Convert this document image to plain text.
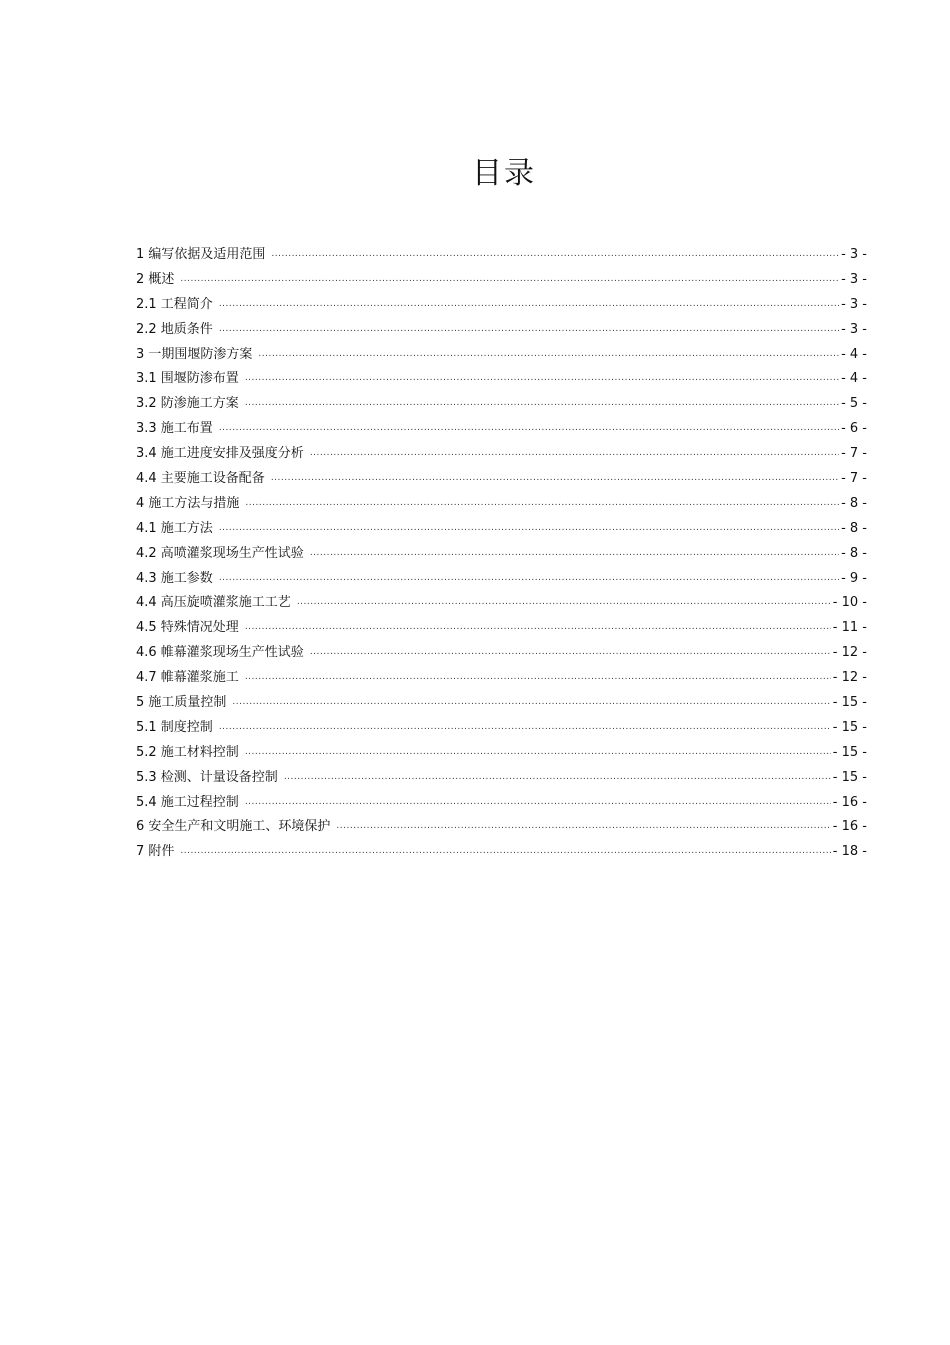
目录
1 编写依据及适用范围 .....	- 3 -
2 概述 .....	- 3 -
2.1 工程简介 .....	- 3 -
2.2 地质条件 .....	- 3 -
3 一期围堰防渗方案 .....	- 4 -
3.1 围堰防渗布置 .....	- 4 -
3.2 防渗施工方案 .....	- 5 -
3.3 施工布置 .....	- 6 -
3.4 施工进度安排及强度分析 .....	- 7 -
4.4 主要施工设备配备 .....	- 7 -
4 施工方法与措施 .....	- 8 -
4.1 施工方法 .....	- 8 -
4.2 高喷灌浆现场生产性试验 .....	- 8 -
4.3 施工参数 .....	- 9 -
4.4 高压旋喷灌浆施工工艺 .....	- 10 -
4.5 特殊情况处理 .....	- 11 -
4.6 帷幕灌浆现场生产性试验 .....	- 12 -
4.7 帷幕灌浆施工 .....	- 12 -
5 施工质量控制 .....	- 15 -
5.1 制度控制 .....	- 15 -
5.2 施工材料控制 .....	- 15 -
5.3 检测、计量设备控制 .....	- 15 -
5.4 施工过程控制 .....	- 16 -
6 安全生产和文明施工、环境保护 .....	- 16 -
7 附件 .....	- 18 -
